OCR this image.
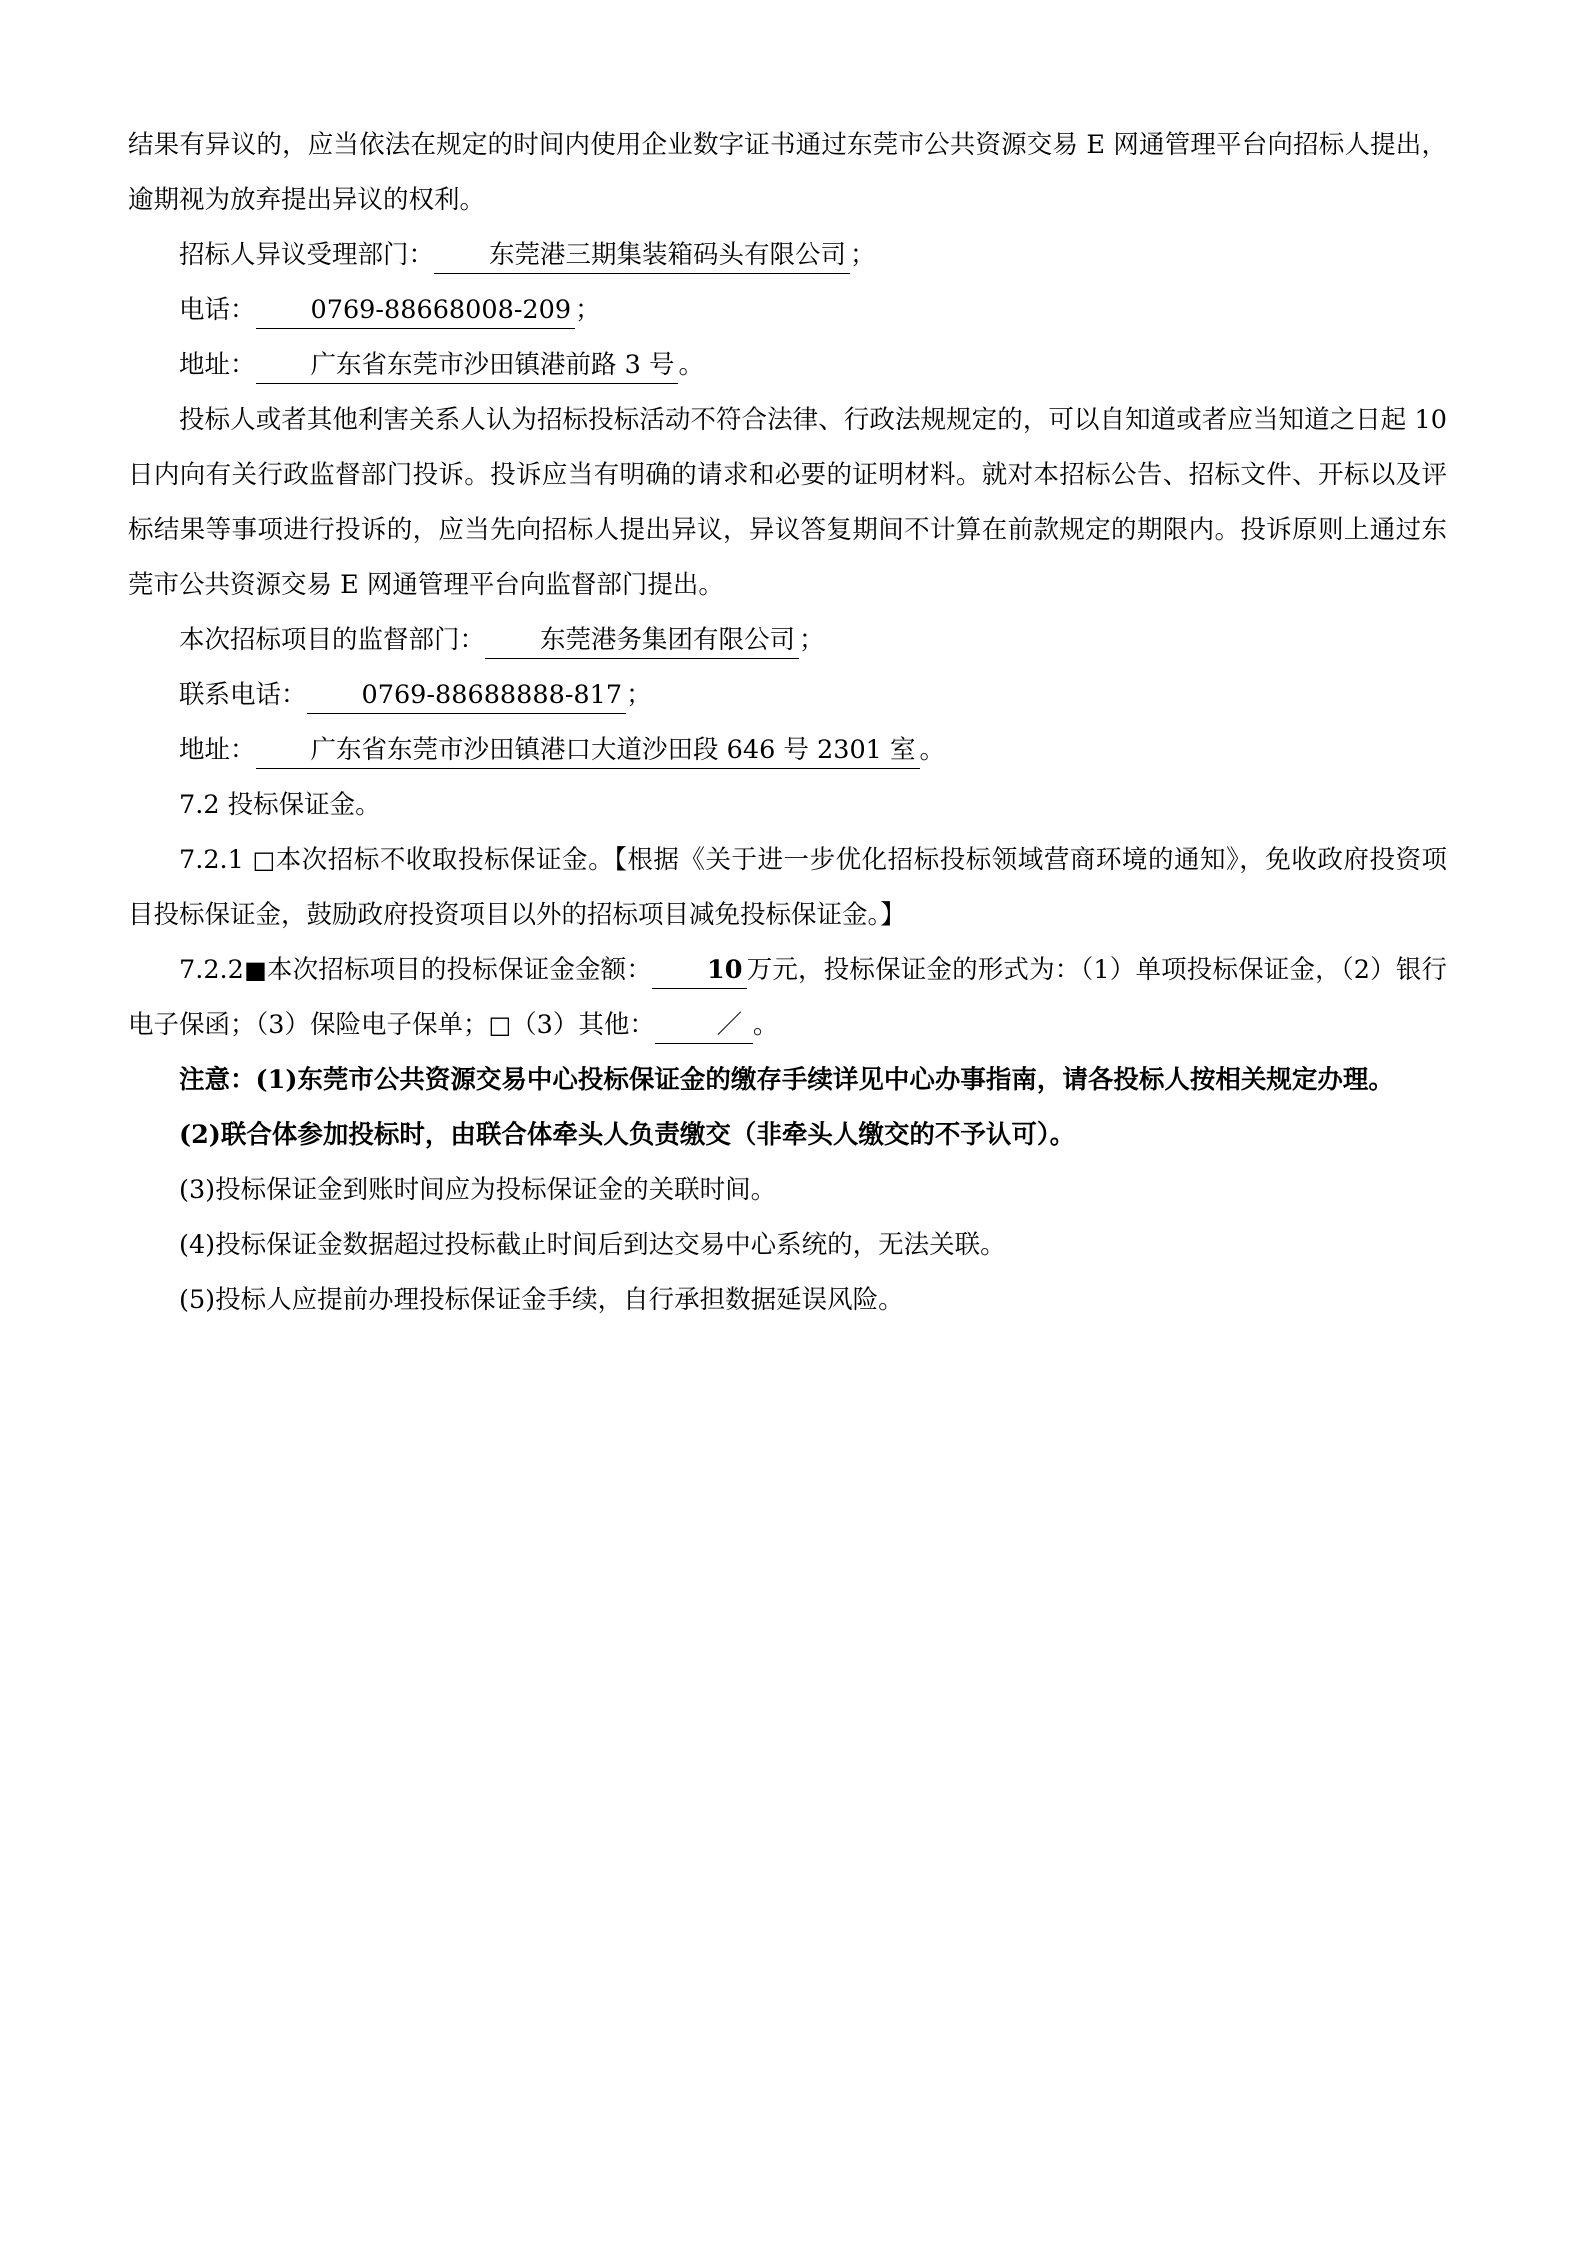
结果有异议的，应当依法在规定的时间内使用企业数字证书通过东莞市公共资源交易 E 网通管理平台向招标人提出，逾期视为放弃提出异议的权利。

招标人异议受理部门： 东莞港三期集装箱码头有限公司 ；

电话： 0769-88668008-209 ；

地址： 广东省东莞市沙田镇港前路 3 号 。

投标人或者其他利害关系人认为招标投标活动不符合法律、行政法规规定的，可以自知道或者应当知道之日起 10 日内向有关行政监督部门投诉。投诉应当有明确的请求和必要的证明材料。就对本招标公告、招标文件、开标以及评标结果等事项进行投诉的，应当先向招标人提出异议，异议答复期间不计算在前款规定的期限内。投诉原则上通过东莞市公共资源交易 E 网通管理平台向监督部门提出。

本次招标项目的监督部门： 东莞港务集团有限公司 ；

联系电话： 0769-88688888-817 ；

地址： 广东省东莞市沙田镇港口大道沙田段 646 号 2301 室 。

7.2 投标保证金。

7.2.1 □ 本次招标不收取投标保证金。【根据《关于进一步优化招标投标领域营商环境的通知》，免收政府投资项目投标保证金，鼓励政府投资项目以外的招标项目减免投标保证金。】

7.2.2 ■ 本次招标项目的投标保证金金额： 10 万元，投标保证金的形式为：（1）单项投标保证金，（2）银行电子保函；（3）保险电子保单； □ （3）其他： ／ 。

注意：(1)东莞市公共资源交易中心投标保证金的缴存手续详见中心办事指南，请各投标人按相关规定办理。

(2)联合体参加投标时，由联合体牵头人负责缴交（非牵头人缴交的不予认可）。

(3)投标保证金到账时间应为投标保证金的关联时间。

(4)投标保证金数据超过投标截止时间后到达交易中心系统的，无法关联。

(5)投标人应提前办理投标保证金手续，自行承担数据延误风险。
